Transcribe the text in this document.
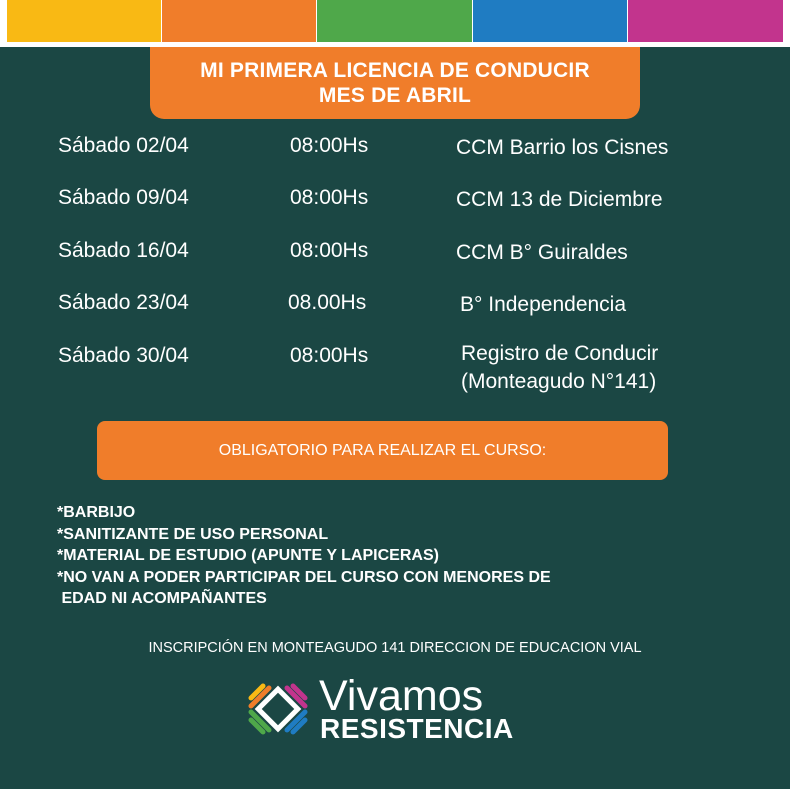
MI PRIMERA LICENCIA DE CONDUCIR
MES DE ABRIL
Sábado 02/04	08:00Hs	CCM Barrio los Cisnes
Sábado 09/04	08:00Hs	CCM 13 de Diciembre
Sábado 16/04	08:00Hs	CCM B° Guiraldes
Sábado 23/04	08.00Hs	B° Independencia
Sábado 30/04	08:00Hs	Registro de Conducir
(Monteagudo N°141)
OBLIGATORIO PARA REALIZAR EL CURSO:
*BARBIJO
*SANITIZANTE DE USO PERSONAL
*MATERIAL DE ESTUDIO (APUNTE Y LAPICERAS)
*NO VAN A PODER PARTICIPAR DEL CURSO CON MENORES DE
EDAD NI ACOMPAÑANTES
INSCRIPCIÓN EN MONTEAGUDO 141 DIRECCION DE EDUCACION VIAL
Vivamos
RESISTENCIA
